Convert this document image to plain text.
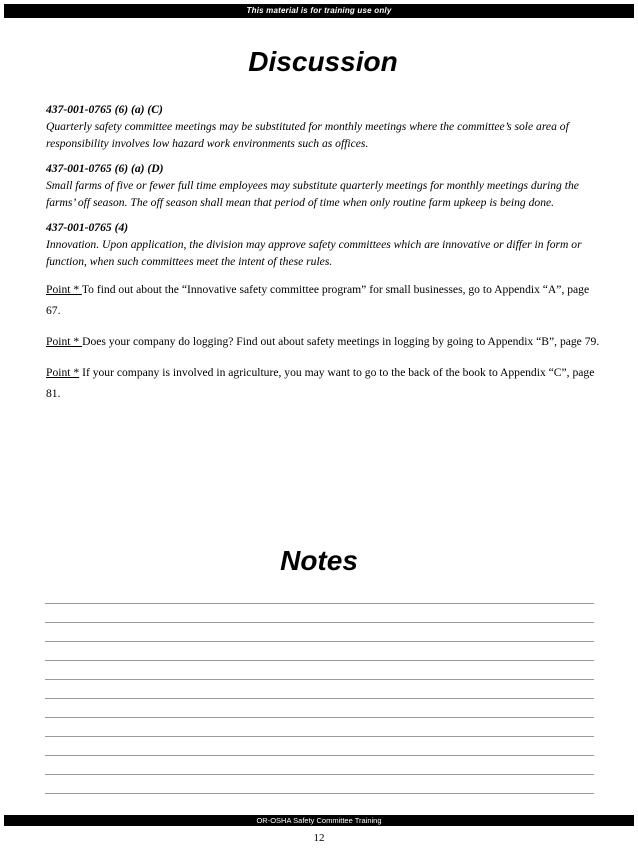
This material is for training use only
Discussion

437-001-0765 (6) (a) (C)
Quarterly safety committee meetings may be substituted for monthly meetings where the committee’s sole area of responsibility involves low hazard work environments such as offices.

437-001-0765 (6) (a) (D)
Small farms of five or fewer full time employees may substitute quarterly meetings for monthly meetings during the farms’ off season. The off season shall mean that period of time when only routine farm upkeep is being done.

437-001-0765 (4)
Innovation. Upon application, the division may approve safety committees which are innovative or differ in form or function, when such committees meet the intent of these rules.

Point * To find out about the “Innovative safety committee program” for small businesses, go to Appendix “A”, page 67.

Point * Does your company do logging? Find out about safety meetings in logging by going to Appendix “B”, page 79.

Point * If your company is involved in agriculture, you may want to go to the back of the book to Appendix “C”, page 81.

Notes
OR-OSHA Safety Committee Training
12
